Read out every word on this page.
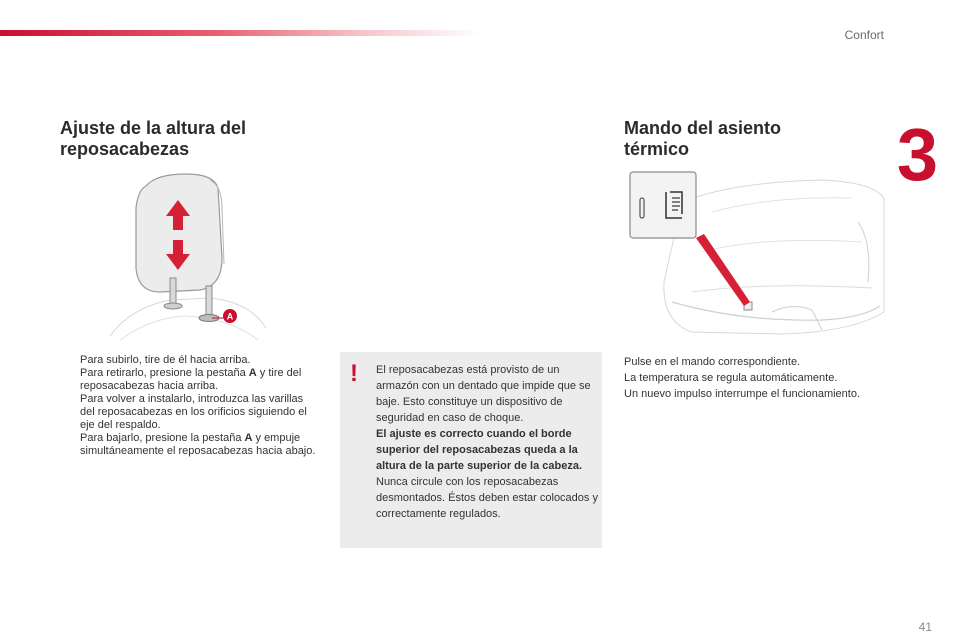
Confort
3
Ajuste de la altura del
reposacabezas
A
Para subirlo, tire de él hacia arriba.
Para retirarlo, presione la pestaña A y tire del reposacabezas hacia arriba.
Para volver a instalarlo, introduzca las varillas del reposacabezas en los orificios siguiendo el eje del respaldo.
Para bajarlo, presione la pestaña A y empuje simultáneamente el reposacabezas hacia abajo.
! El reposacabezas está provisto de un armazón con un dentado que impide que se baje. Esto constituye un dispositivo de seguridad en caso de choque.

El ajuste es correcto cuando el borde superior del reposacabezas queda a la altura de la parte superior de la cabeza.

Nunca circule con los reposacabezas desmontados. Éstos deben estar colocados y correctamente regulados.

Mando del asiento
térmico

Pulse en el mando correspondiente.

La temperatura se regula automáticamente.

Un nuevo impulso interrumpe el funcionamiento.

41
